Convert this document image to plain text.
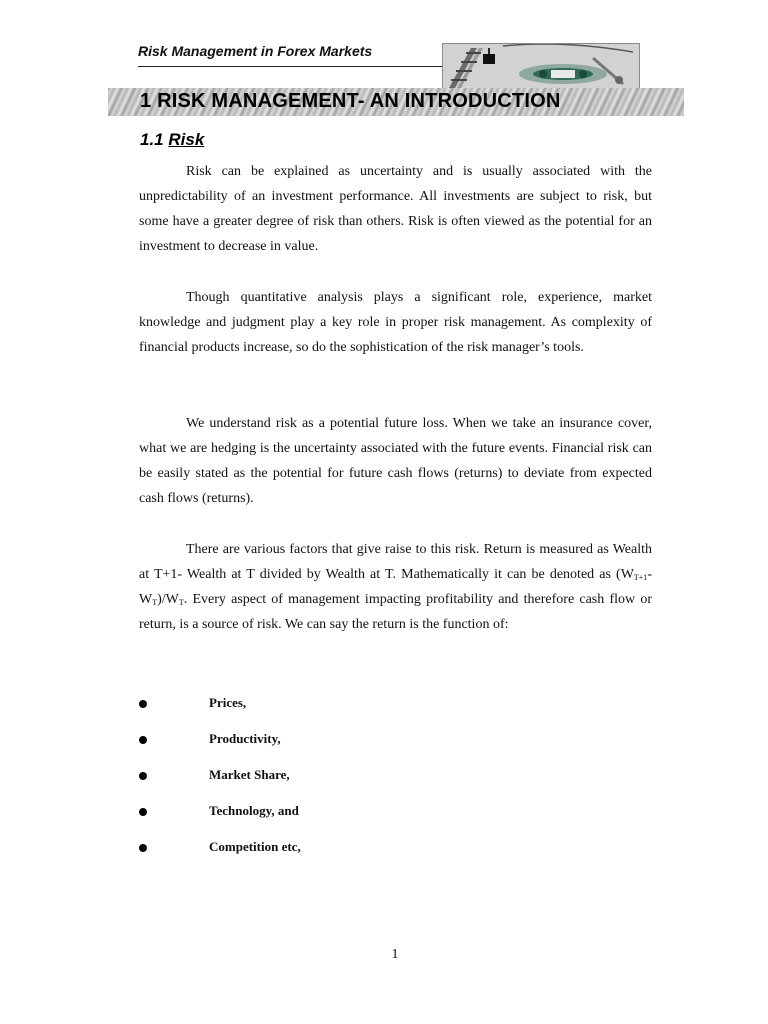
Risk Management in Forex Markets
1 RISK MANAGEMENT- AN INTRODUCTION
1.1 Risk

Risk can be explained as uncertainty and is usually associated with the unpredictability of an investment performance. All investments are subject to risk, but some have a greater degree of risk than others. Risk is often viewed as the potential for an investment to decrease in value.

Though quantitative analysis plays a significant role, experience, market knowledge and judgment play a key role in proper risk management. As complexity of financial products increase, so do the sophistication of the risk manager’s tools.

We understand risk as a potential future loss. When we take an insurance cover, what we are hedging is the uncertainty associated with the future events. Financial risk can be easily stated as the potential for future cash flows (returns) to deviate from expected cash flows (returns).

There are various factors that give raise to this risk. Return is measured as Wealth at T+1- Wealth at T divided by Wealth at T. Mathematically it can be denoted as $(W_{T+1}-W_T)/W_T$. Every aspect of management impacting profitability and therefore cash flow or return, is a source of risk. We can say the return is the function of:

Prices,
Productivity,
Market Share,
Technology, and
Competition etc,
1
